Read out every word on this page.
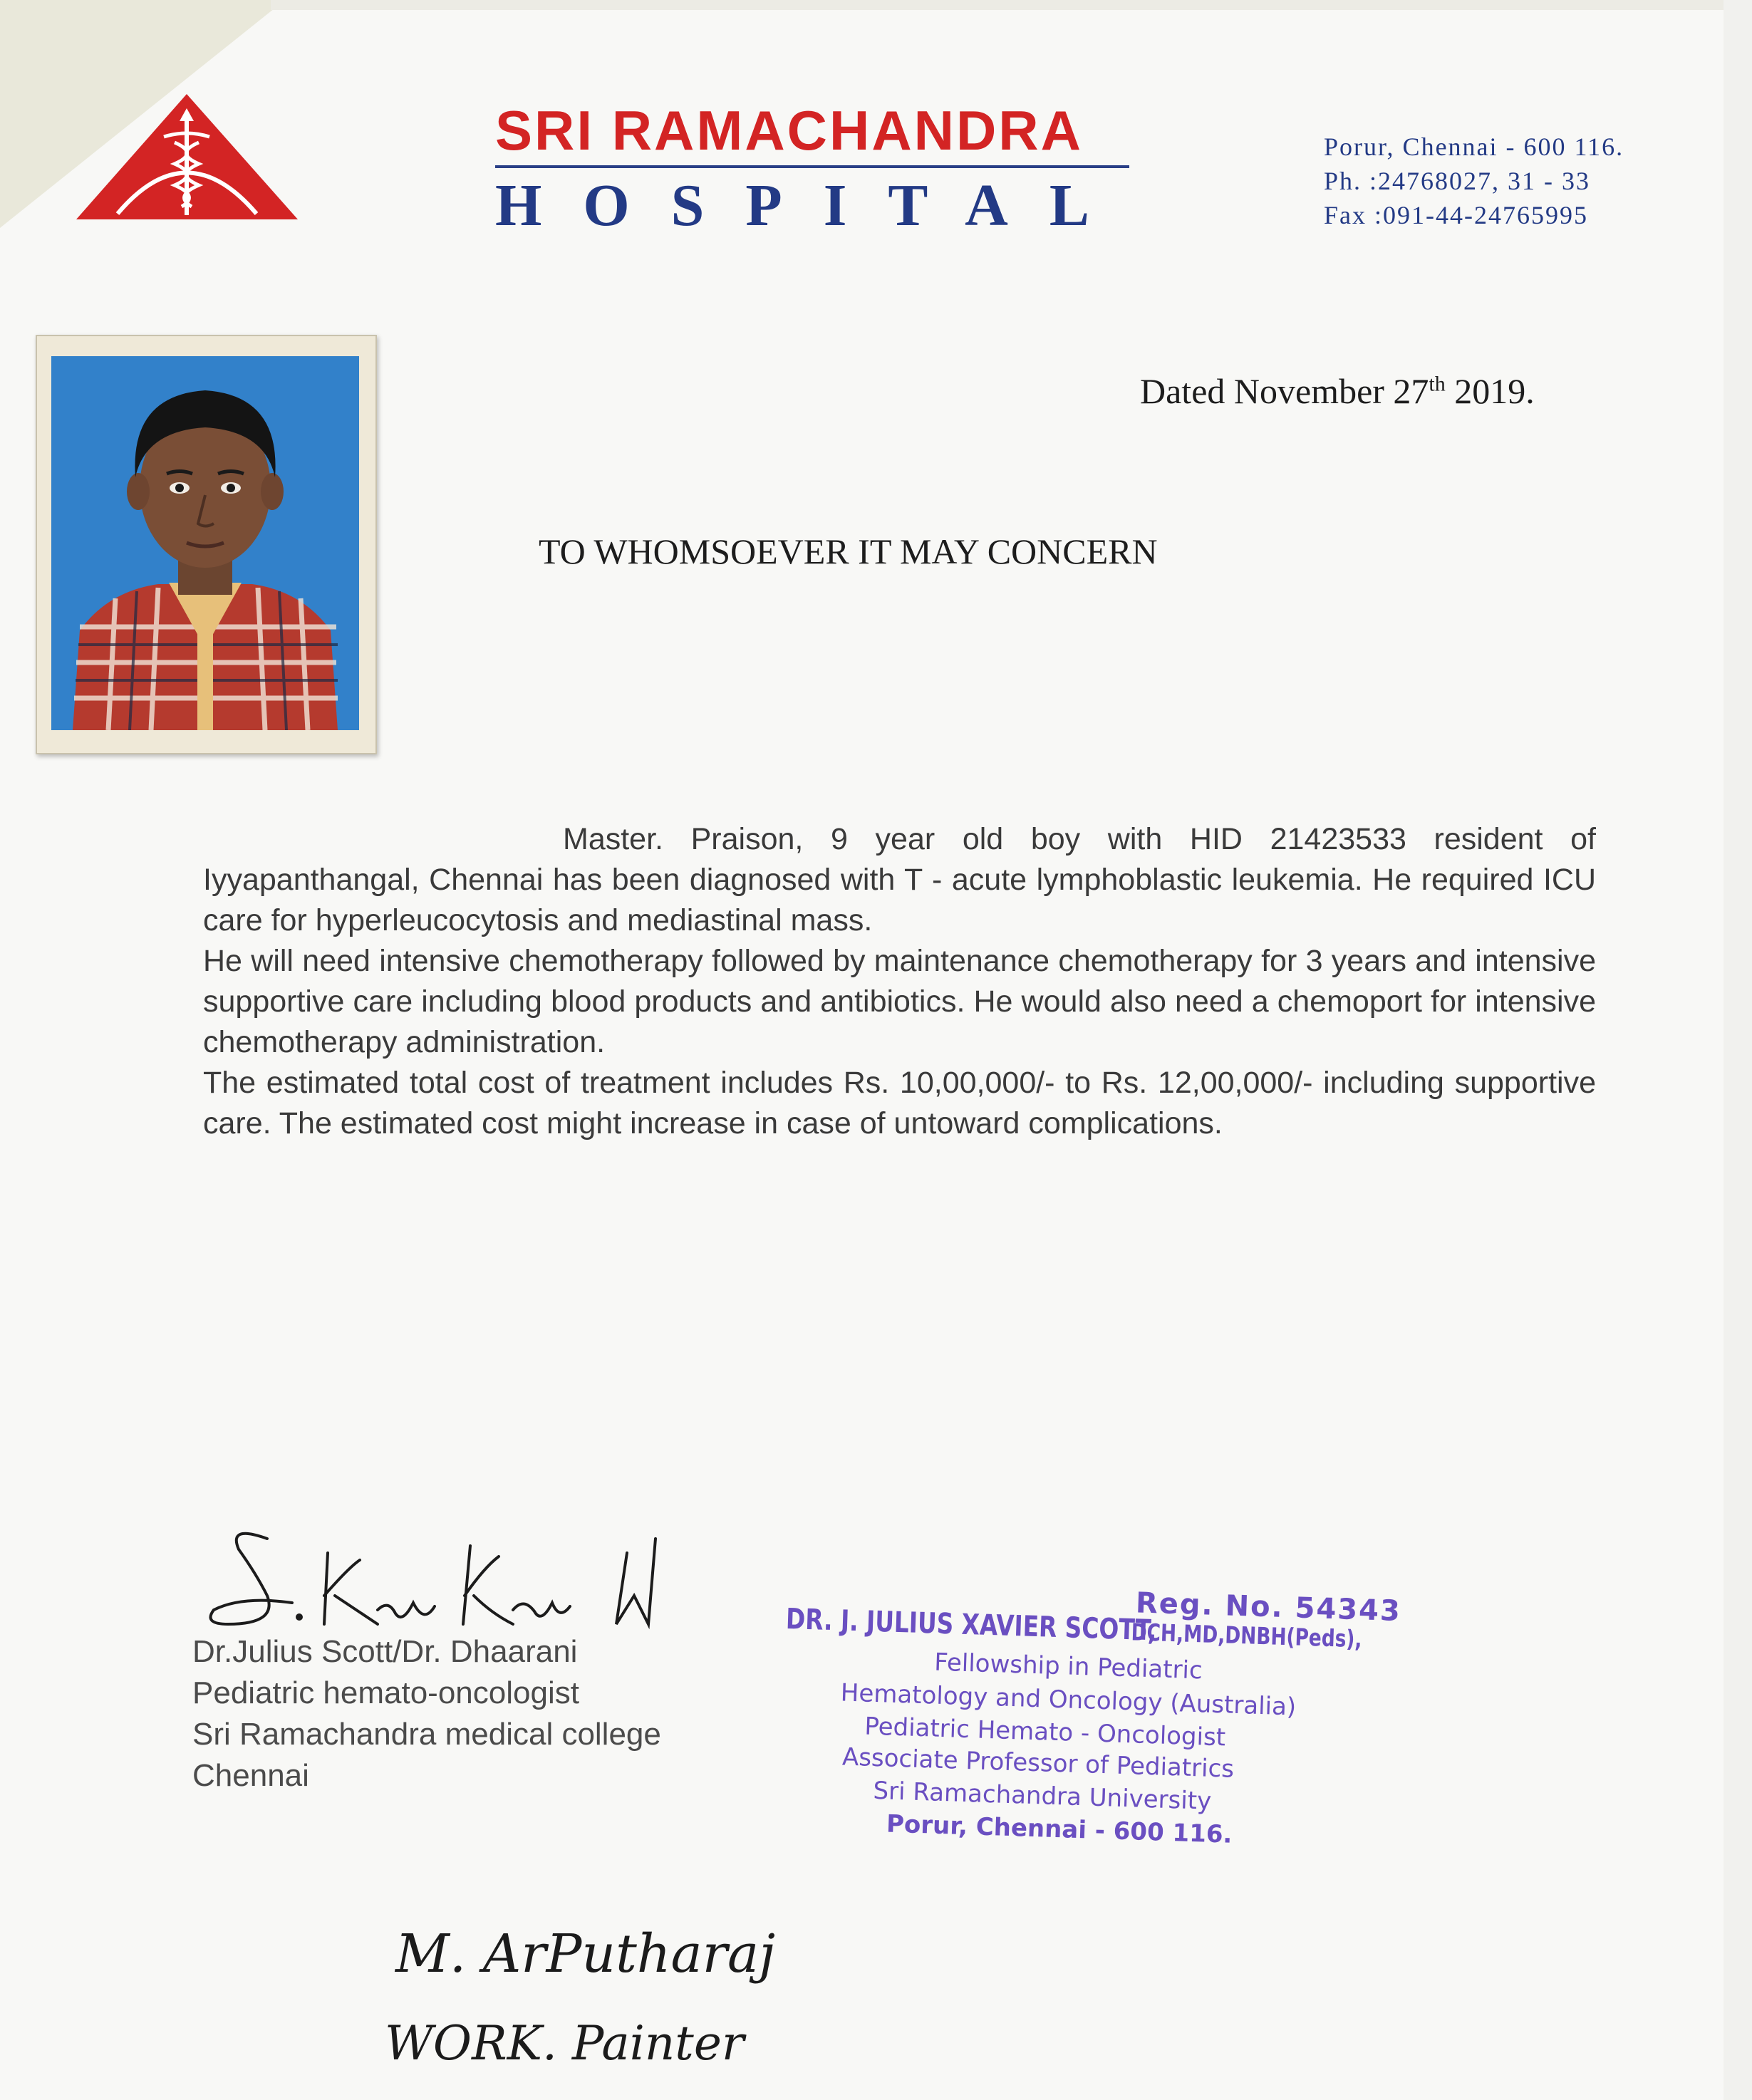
SRI RAMACHANDRA
HOSPITAL
Porur, Chennai - 600 116.
Ph. :24768027, 31 - 33
Fax :091-44-24765995
Dated November 27th 2019.
TO WHOMSOEVER IT MAY CONCERN

Master. Praison, 9 year old boy with HID 21423533 resident of Iyyapanthangal, Chennai has been diagnosed with T - acute lymphoblastic leukemia. He required ICU care for hyperleucocytosis and mediastinal mass.

He will need intensive chemotherapy followed by maintenance chemotherapy for 3 years and intensive supportive care including blood products and antibiotics. He would also need a chemoport for intensive chemotherapy administration.

The estimated total cost of treatment includes Rs. 10,00,000/- to Rs. 12,00,000/- including supportive care. The estimated cost might increase in case of untoward complications.

Dr.Julius Scott/Dr. Dhaarani
Pediatric hemato-oncologist
Sri Ramachandra medical college
Chennai
Reg. No. 54343
DR. J. JULIUS XAVIER SCOTT,
DCH,MD,DNBH(Peds),
Fellowship in Pediatric
Hematology and Oncology (Australia)
Pediatric Hemato - Oncologist
Associate Professor of Pediatrics
Sri Ramachandra University
Porur, Chennai - 600 116.
M. ArPutharaj
WORK. Painter
